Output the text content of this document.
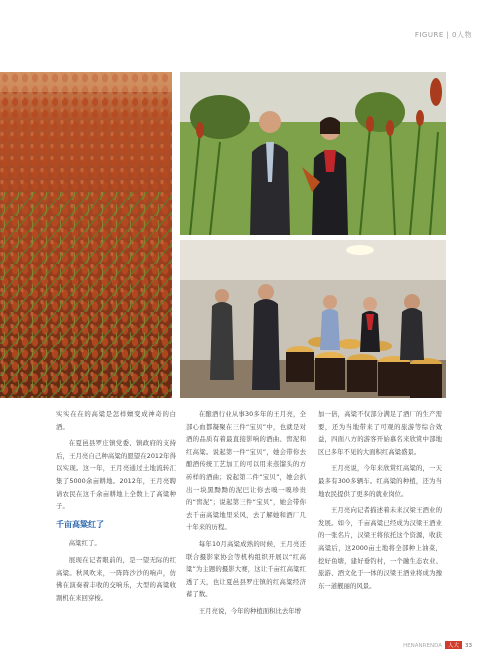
FIGURE | 0人物

实实在在的高粱是怎样嬗变成神奇的白酒。

在夏邑县罗庄镇党委、镇政府的支持后，王月亮自己种高粱的愿望在2012年得以实现。这一年，王月亮通过土地流转汇集了5000余亩耕地。2012年，王月亮聘请农民在这千余亩耕地上全数上了高粱种子。

千亩高粱红了

高粱红了。

展现在记者眼前的，是一望无际的红高粱。秋风吹来，一阵阵沙沙的响声，仿佛在演奏着丰收的交响乐，大型的高粱收割机在来回穿梭。

在酿酒行业从事30多年的王月亮，全部心血都凝聚在三件“宝贝”中，也就是对酒的品质有着最直接影响的酒曲、窖泥和红高粱。说起第一件“宝贝”，她会带你去酿酒传统工艺加工的可以用来蒸馏头的方砖样的酒曲；说起第二件“宝贝”，她会扒出一块黑黝黝的泥巴让你去嗅一嗅珍贵的“窖泥”；说起第三件“宝贝”，她会带你去千亩高粱地里采风，去了解她和酒厂几十年来的历程。

每年10月高粱成熟的时候，王月亮还联合摄影家协会等机构组织开展以“红高粱”为主题的摄影大赛，这让千亩红高粱红透了天，也让夏邑县罗庄镇的红高粱经济蓄了数。

王月亮说，今年的种植面积比去年增

加一倍，高粱不仅部分满足了酒厂的生产需要，还为当地带来了可观的旅游等综合效益，四面八方的游客开始慕名来欣赏中部地区已多年不见的大面积红高粱盛景。

王月亮说，今年来欣赏红高粱的，一天最多有300多辆车。红高粱的种植，还为当地农民提供了更多的就业岗位。

王月亮向记者描述着未来汉梁王酒业的发展。如今，千亩高粱已经成为汉梁王酒业的一张名片，汉梁王将依托这个资源，收获高粱后，这2000亩土地将全部种上油菜，挖好鱼塘，建好垂钓村，一个融生态农业、旅游、酒文化于一体的汉梁王酒业将成为豫东一道靓丽的风景。

HENANRENDA 人大 33
